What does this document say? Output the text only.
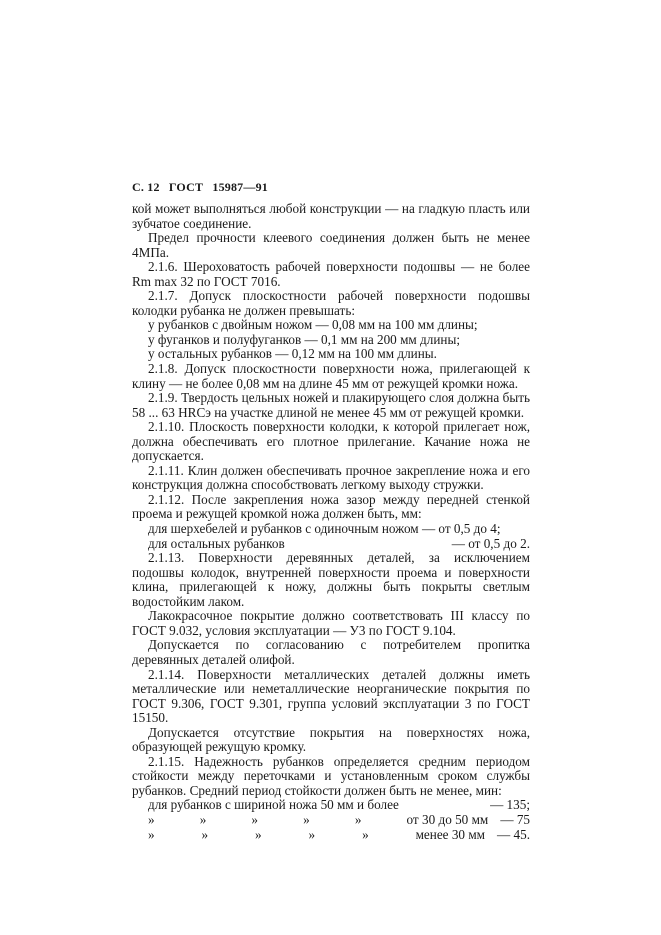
С. 12 ГОСТ 15987—91

кой может выполняться любой конструкции — на гладкую пласть или зубчатое соединение.

Предел прочности клеевого соединения должен быть не менее 4МПа.

2.1.6. Шероховатость рабочей поверхности подошвы — не более Rm max 32 по ГОСТ 7016.

2.1.7. Допуск плоскостности рабочей поверхности подошвы колодки рубанка не должен превышать:

у рубанков с двойным ножом — 0,08 мм на 100 мм длины;

у фуганков и полуфуганков — 0,1 мм на 200 мм длины;

у остальных рубанков — 0,12 мм на 100 мм длины.

2.1.8. Допуск плоскостности поверхности ножа, прилегающей к клину — не более 0,08 мм на длине 45 мм от режущей кромки ножа.

2.1.9. Твердость цельных ножей и плакирующего слоя должна быть 58 ... 63 HRCэ на участке длиной не менее 45 мм от режущей кромки.

2.1.10. Плоскость поверхности колодки, к которой прилегает нож, должна обеспечивать его плотное прилегание. Качание ножа не допускается.

2.1.11. Клин должен обеспечивать прочное закрепление ножа и его конструкция должна способствовать легкому выходу стружки.

2.1.12. После закрепления ножа зазор между передней стенкой проема и режущей кромкой ножа должен быть, мм:

для шерхебелей и рубанков с одиночным ножом — от 0,5 до 4;

для остальных рубанков	— от 0,5 до 2.

2.1.13. Поверхности деревянных деталей, за исключением подошвы колодок, внутренней поверхности проема и поверхности клина, прилегающей к ножу, должны быть покрыты светлым водостойким лаком.

Лакокрасочное покрытие должно соответствовать III классу по ГОСТ 9.032, условия эксплуатации — У3 по ГОСТ 9.104.

Допускается по согласованию с потребителем пропитка деревянных деталей олифой.

2.1.14. Поверхности металлических деталей должны иметь металлические или неметаллические неорганические покрытия по ГОСТ 9.306, ГОСТ 9.301, группа условий эксплуатации 3 по ГОСТ 15150.

Допускается отсутствие покрытия на поверхностях ножа, образующей режущую кромку.

2.1.15. Надежность рубанков определяется средним периодом стойкости между переточками и установленным сроком службы рубанков. Средний период стойкости должен быть не менее, мин:

для рубанков с шириной ножа 50 мм и более	— 135;
»	»	»	»	»	от 30 до 50 мм — 75
»	»	»	»	»	менее 30 мм — 45.
